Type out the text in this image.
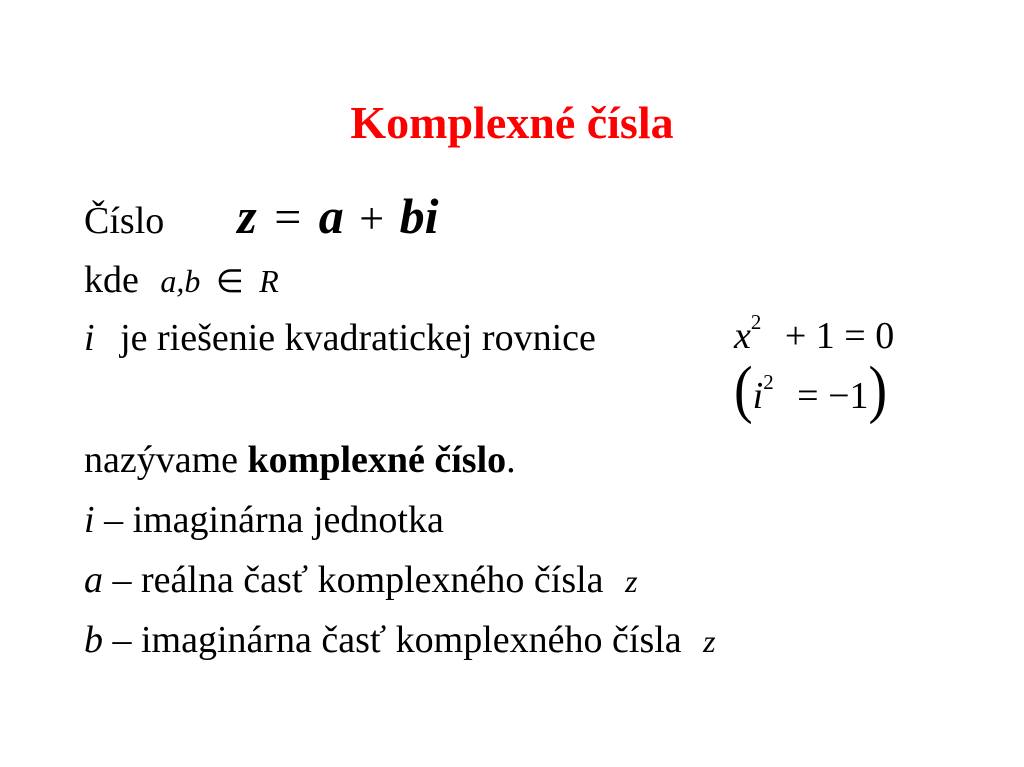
Komplexné čísla
Číslo z = a + bi
kde a,b ∈ R
i je riešenie kvadratickej rovnice	$x^2 + 1 = 0$
$(i^2 = -1)$
nazývame komplexné číslo.
i – imaginárna jednotka
a – reálna časť komplexného čísla z
b – imaginárna časť komplexného čísla z
